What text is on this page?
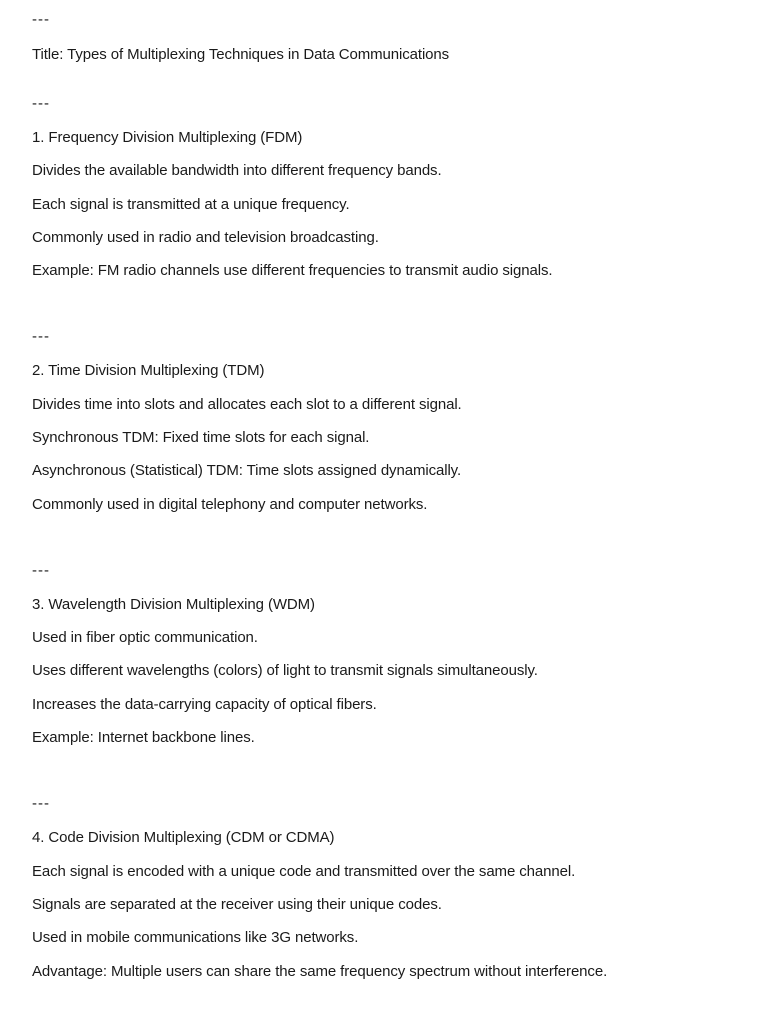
---
Title: Types of Multiplexing Techniques in Data Communications
---
1. Frequency Division Multiplexing (FDM)
Divides the available bandwidth into different frequency bands.
Each signal is transmitted at a unique frequency.
Commonly used in radio and television broadcasting.
Example: FM radio channels use different frequencies to transmit audio signals.
---
2. Time Division Multiplexing (TDM)
Divides time into slots and allocates each slot to a different signal.
Synchronous TDM: Fixed time slots for each signal.
Asynchronous (Statistical) TDM: Time slots assigned dynamically.
Commonly used in digital telephony and computer networks.
---
3. Wavelength Division Multiplexing (WDM)
Used in fiber optic communication.
Uses different wavelengths (colors) of light to transmit signals simultaneously.
Increases the data-carrying capacity of optical fibers.
Example: Internet backbone lines.
---
4. Code Division Multiplexing (CDM or CDMA)
Each signal is encoded with a unique code and transmitted over the same channel.
Signals are separated at the receiver using their unique codes.
Used in mobile communications like 3G networks.
Advantage: Multiple users can share the same frequency spectrum without interference.
